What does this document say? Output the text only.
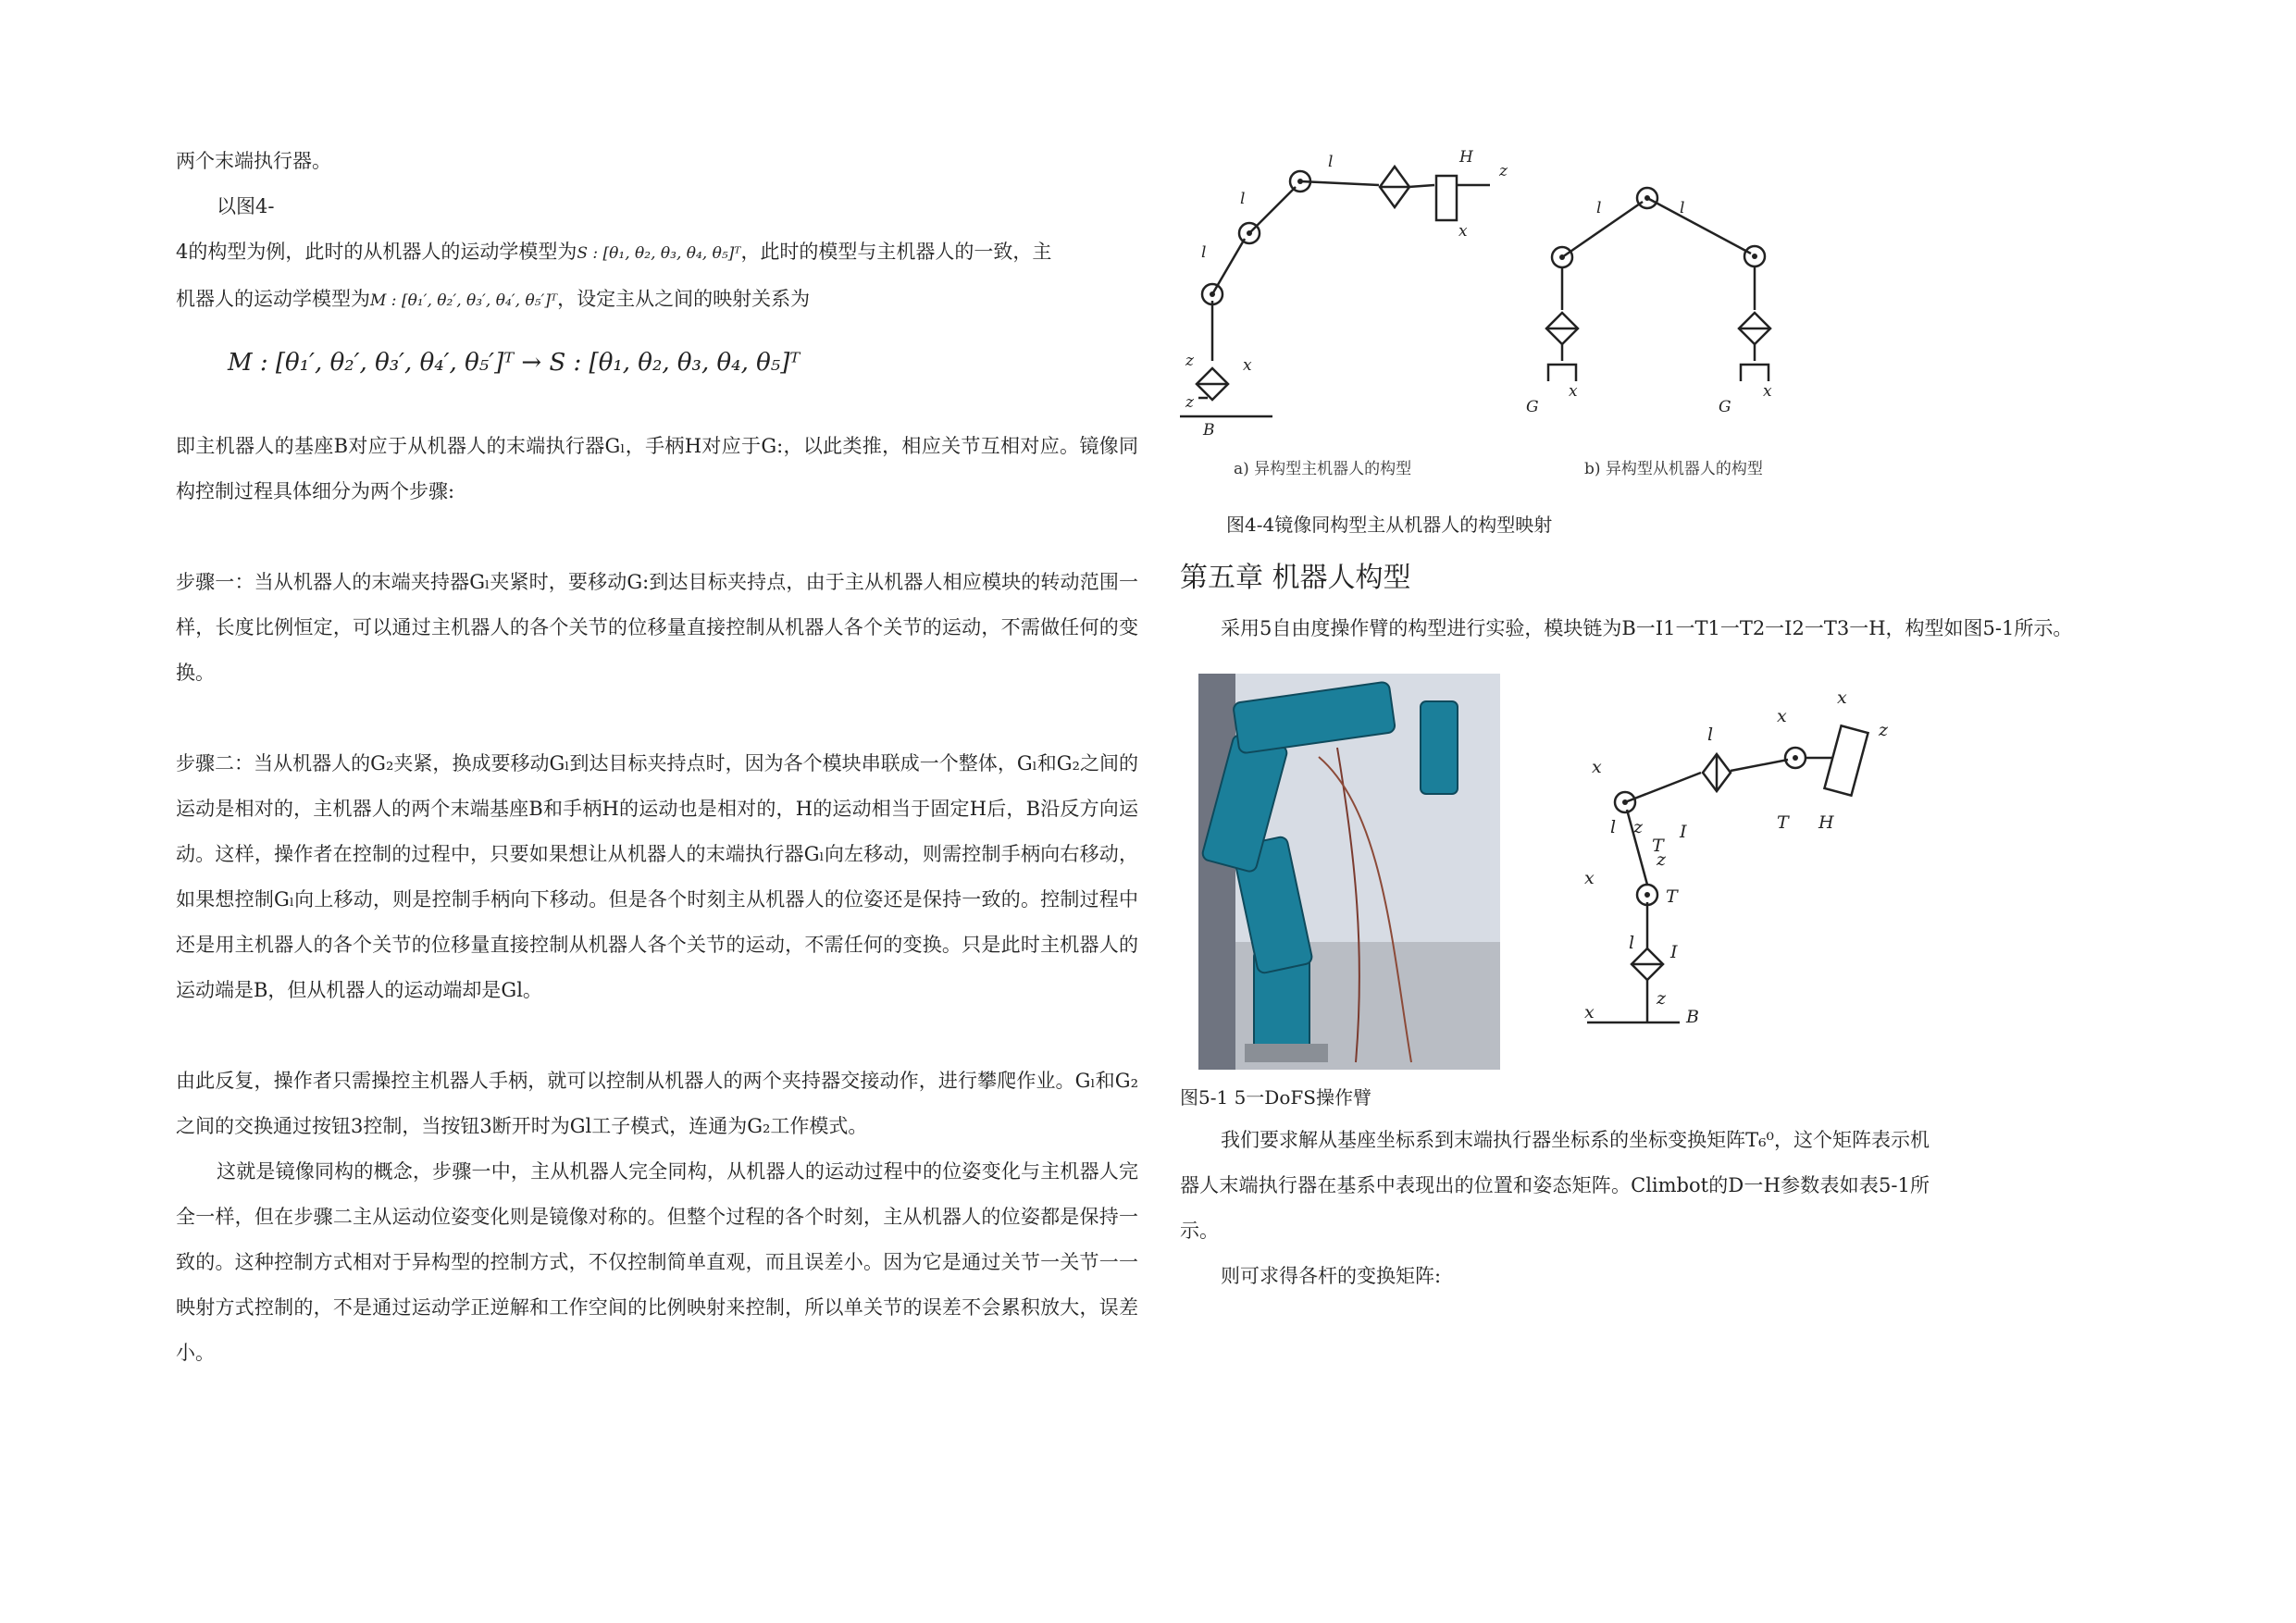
两个末端执行器。

以图4-

4的构型为例，此时的从机器人的运动学模型为S : [θ₁, θ₂, θ₃, θ₄, θ₅]ᵀ，此时的模型与主机器人的一致，主

机器人的运动学模型为M : [θ₁′, θ₂′, θ₃′, θ₄′, θ₅′]ᵀ，设定主从之间的映射关系为

M : [θ₁′, θ₂′, θ₃′, θ₄′, θ₅′]ᵀ → S : [θ₁, θ₂, θ₃, θ₄, θ₅]ᵀ

即主机器人的基座B对应于从机器人的末端执行器Gₗ，手柄H对应于G:，以此类推，相应关节互相对应。镜像同构控制过程具体细分为两个步骤:

步骤一：当从机器人的末端夹持器Gₗ夹紧时，要移动G:到达目标夹持点，由于主从机器人相应模块的转动范围一样，长度比例恒定，可以通过主机器人的各个关节的位移量直接控制从机器人各个关节的运动，不需做任何的变换。

步骤二：当从机器人的G₂夹紧，换成要移动Gₗ到达目标夹持点时，因为各个模块串联成一个整体，Gₗ和G₂之间的运动是相对的，主机器人的两个末端基座B和手柄H的运动也是相对的，H的运动相当于固定H后，B沿反方向运动。这样，操作者在控制的过程中，只要如果想让从机器人的末端执行器Gₗ向左移动，则需控制手柄向右移动，如果想控制Gₗ向上移动，则是控制手柄向下移动。但是各个时刻主从机器人的位姿还是保持一致的。控制过程中还是用主机器人的各个关节的位移量直接控制从机器人各个关节的运动，不需任何的变换。只是此时主机器人的运动端是B，但从机器人的运动端却是Gl。

由此反复，操作者只需操控主机器人手柄，就可以控制从机器人的两个夹持器交接动作，进行攀爬作业。Gₗ和G₂之间的交换通过按钮3控制，当按钮3断开时为Gl工子模式，连通为G₂工作模式。

这就是镜像同构的概念，步骤一中，主从机器人完全同构，从机器人的运动过程中的位姿变化与主机器人完全一样，但在步骤二主从运动位姿变化则是镜像对称的。但整个过程的各个时刻，主从机器人的位姿都是保持一致的。这种控制方式相对于异构型的控制方式，不仅控制简单直观，而且误差小。因为它是通过关节一关节一一映射方式控制的，不是通过运动学正逆解和工作空间的比例映射来控制，所以单关节的误差不会累积放大，误差小。

B
H
l
l
l
z
z
x
z
x
x	x
G	G
l	l
a) 异构型主机器人的构型	b) 异构型从机器人的构型

图4-4镜像同构型主从机器人的构型映射

第五章 机器人构型

采用5自由度操作臂的构型进行实验，模块链为B一I1一T1一T2一I2一T3一H，构型如图5-1所示。

B
x
z
I
l
T
x
z
x
l z
T
I
l
T H
x
x
z

图5-1 5一DoFS操作臂

我们要求解从基座坐标系到末端执行器坐标系的坐标变换矩阵T₆⁰，这个矩阵表示机器人末端执行器在基系中表现出的位置和姿态矩阵。Climbot的D一H参数表如表5-1所示。

则可求得各杆的变换矩阵:
